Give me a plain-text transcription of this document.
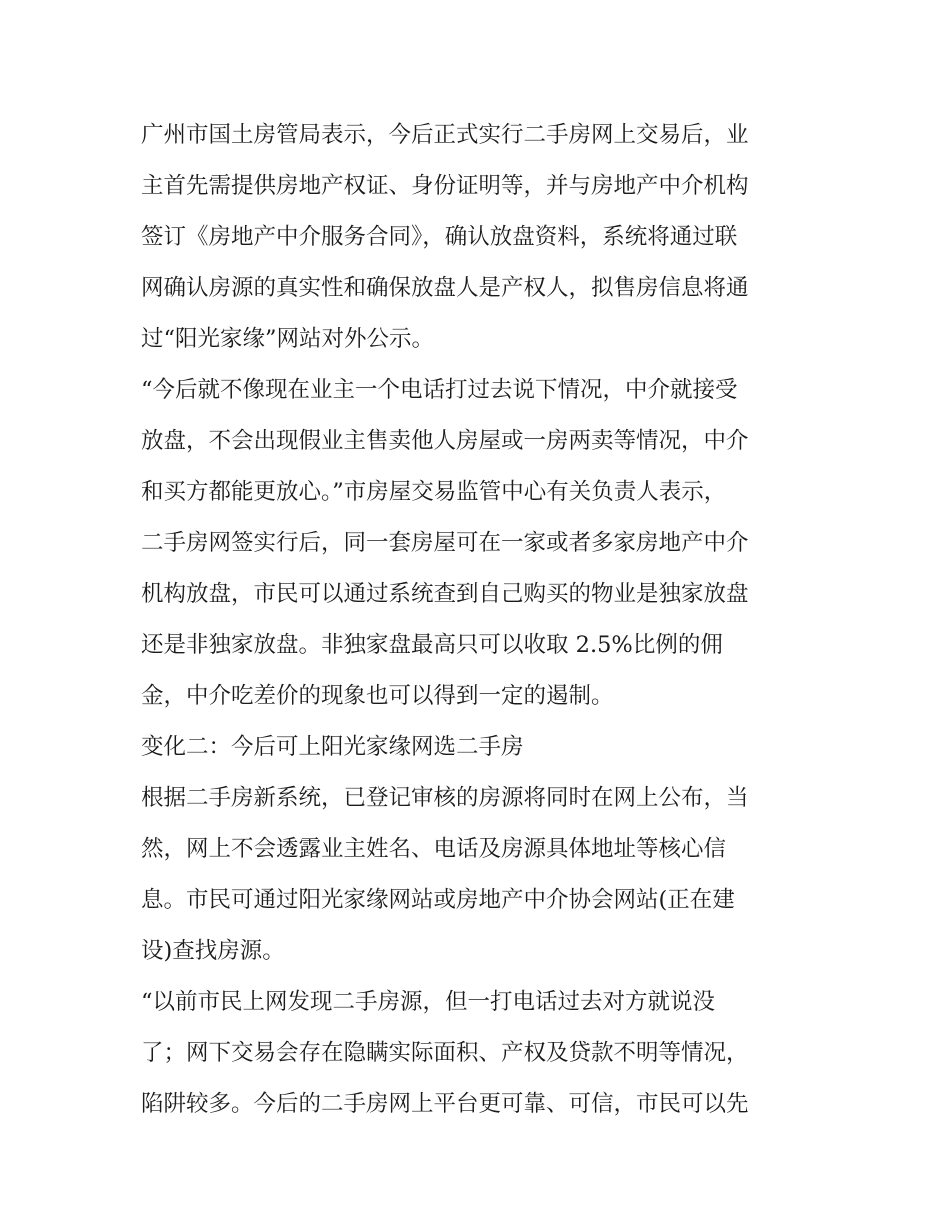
广州市国土房管局表示，今后正式实行二手房网上交易后，业
主首先需提供房地产权证、身份证明等，并与房地产中介机构
签订《房地产中介服务合同》，确认放盘资料，系统将通过联
网确认房源的真实性和确保放盘人是产权人，拟售房信息将通
过“阳光家缘”网站对外公示。
“今后就不像现在业主一个电话打过去说下情况，中介就接受
放盘，不会出现假业主售卖他人房屋或一房两卖等情况，中介
和买方都能更放心。”市房屋交易监管中心有关负责人表示，
二手房网签实行后，同一套房屋可在一家或者多家房地产中介
机构放盘，市民可以通过系统查到自己购买的物业是独家放盘
还是非独家放盘。非独家盘最高只可以收取 2.5%比例的佣
金，中介吃差价的现象也可以得到一定的遏制。
变化二：今后可上阳光家缘网选二手房
根据二手房新系统，已登记审核的房源将同时在网上公布，当
然，网上不会透露业主姓名、电话及房源具体地址等核心信
息。市民可通过阳光家缘网站或房地产中介协会网站(正在建
设)查找房源。
“以前市民上网发现二手房源，但一打电话过去对方就说没
了；网下交易会存在隐瞒实际面积、产权及贷款不明等情况，
陷阱较多。今后的二手房网上平台更可靠、可信，市民可以先
